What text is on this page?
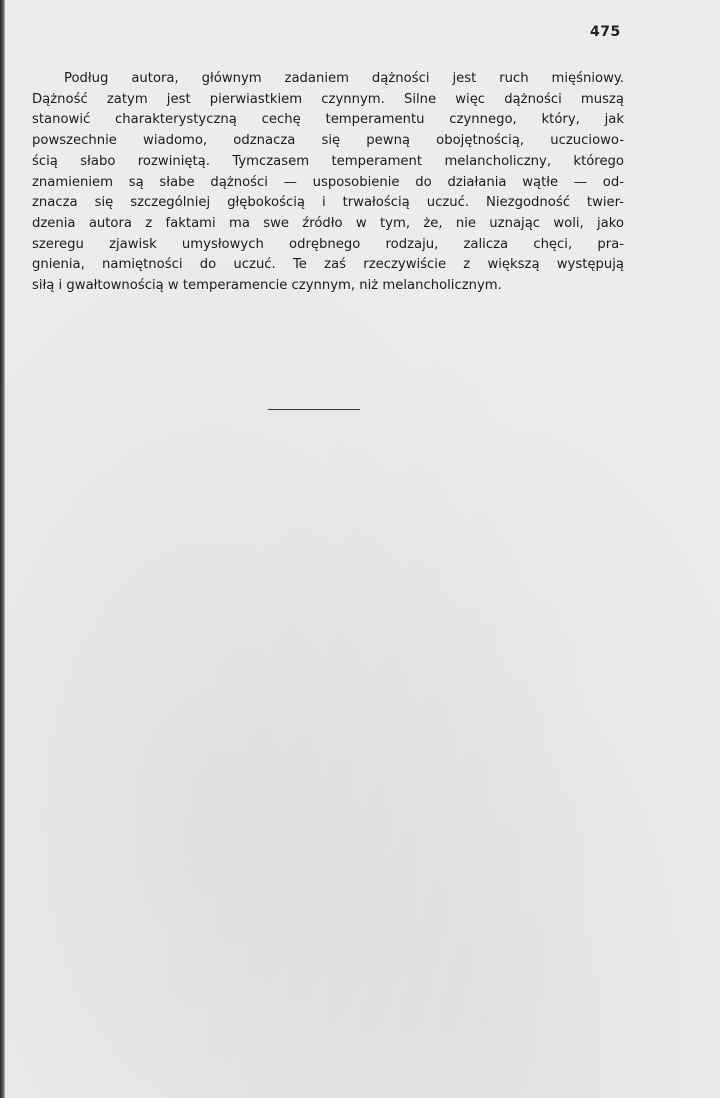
475

Podług autora, głównym zadaniem dążności jest ruch mięśniowy.
Dążność zatym jest pierwiastkiem czynnym. Silne więc dążności muszą
stanowić charakterystyczną cechę temperamentu czynnego, który, jak
powszechnie wiadomo, odznacza się pewną obojętnością, uczuciowo-
ścią słabo rozwiniętą. Tymczasem temperament melancholiczny, którego
znamieniem są słabe dążności — usposobienie do działania wątłe — od-
znacza się szczególniej głębokością i trwałością uczuć. Niezgodność twier-
dzenia autora z faktami ma swe źródło w tym, że, nie uznając woli, jako
szeregu zjawisk umysłowych odrębnego rodzaju, zalicza chęci, pra-
gnienia, namiętności do uczuć. Te zaś rzeczywiście z większą występują
siłą i gwałtownością w temperamencie czynnym, niż melancholicznym.
